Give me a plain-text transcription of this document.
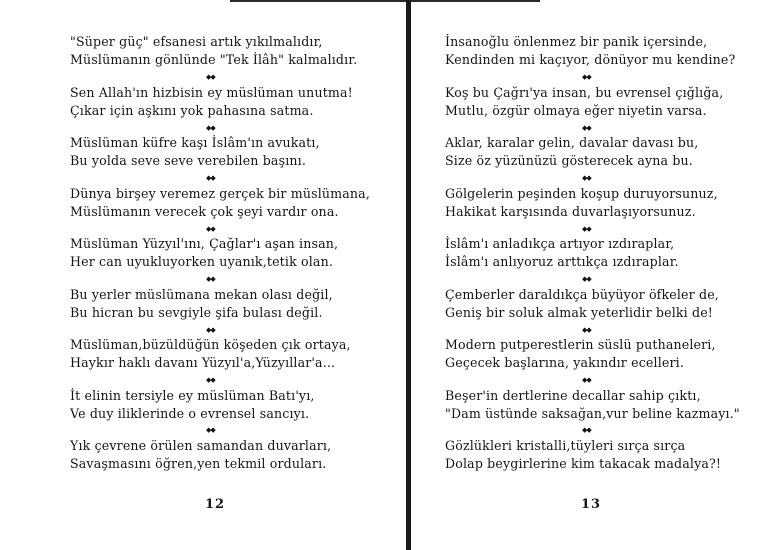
"Süper güç" efsanesi artık yıkılmalıdır,
Müslümanın gönlünde "Tek İlâh" kalmalıdır.
◆◆
Sen Allah'ın hizbisin ey müslüman unutma!
Çıkar için aşkını yok pahasına satma.
◆◆
Müslüman küfre kaşı İslâm'ın avukatı,
Bu yolda seve seve verebilen başını.
◆◆
Dünya birşey veremez gerçek bir müslümana,
Müslümanın verecek çok şeyi vardır ona.
◆◆
Müslüman Yüzyıl'ını, Çağlar'ı aşan insan,
Her can uyukluyorken uyanık,tetik olan.
◆◆
Bu yerler müslümana mekan olası değil,
Bu hicran bu sevgiyle şifa bulası değil.
◆◆
Müslüman,büzüldüğün köşeden çık ortaya,
Haykır haklı davanı Yüzyıl'a,Yüzyıllar'a...
◆◆
İt elinin tersiyle ey müslüman Batı'yı,
Ve duy iliklerinde o evrensel sancıyı.
◆◆
Yık çevrene örülen samandan duvarları,
Savaşmasını öğren,yen tekmil orduları.
12
İnsanoğlu önlenmez bir panik içersinde,
Kendinden mi kaçıyor, dönüyor mu kendine?
◆◆
Koş bu Çağrı'ya insan, bu evrensel çığlığa,
Mutlu, özgür olmaya eğer niyetin varsa.
◆◆
Aklar, karalar gelin, davalar davası bu,
Size öz yüzünüzü gösterecek ayna bu.
◆◆
Gölgelerin peşinden koşup duruyorsunuz,
Hakikat karşısında duvarlaşıyorsunuz.
◆◆
İslâm'ı anladıkça artıyor ızdıraplar,
İslâm'ı anlıyoruz arttıkça ızdıraplar.
◆◆
Çemberler daraldıkça büyüyor öfkeler de,
Geniş bir soluk almak yeterlidir belki de!
◆◆
Modern putperestlerin süslü puthaneleri,
Geçecek başlarına, yakındır ecelleri.
◆◆
Beşer'in dertlerine decallar sahip çıktı,
"Dam üstünde saksağan,vur beline kazmayı."
◆◆
Gözlükleri kristalli,tüyleri sırça sırça
Dolap beygirlerine kim takacak madalya?!
13
